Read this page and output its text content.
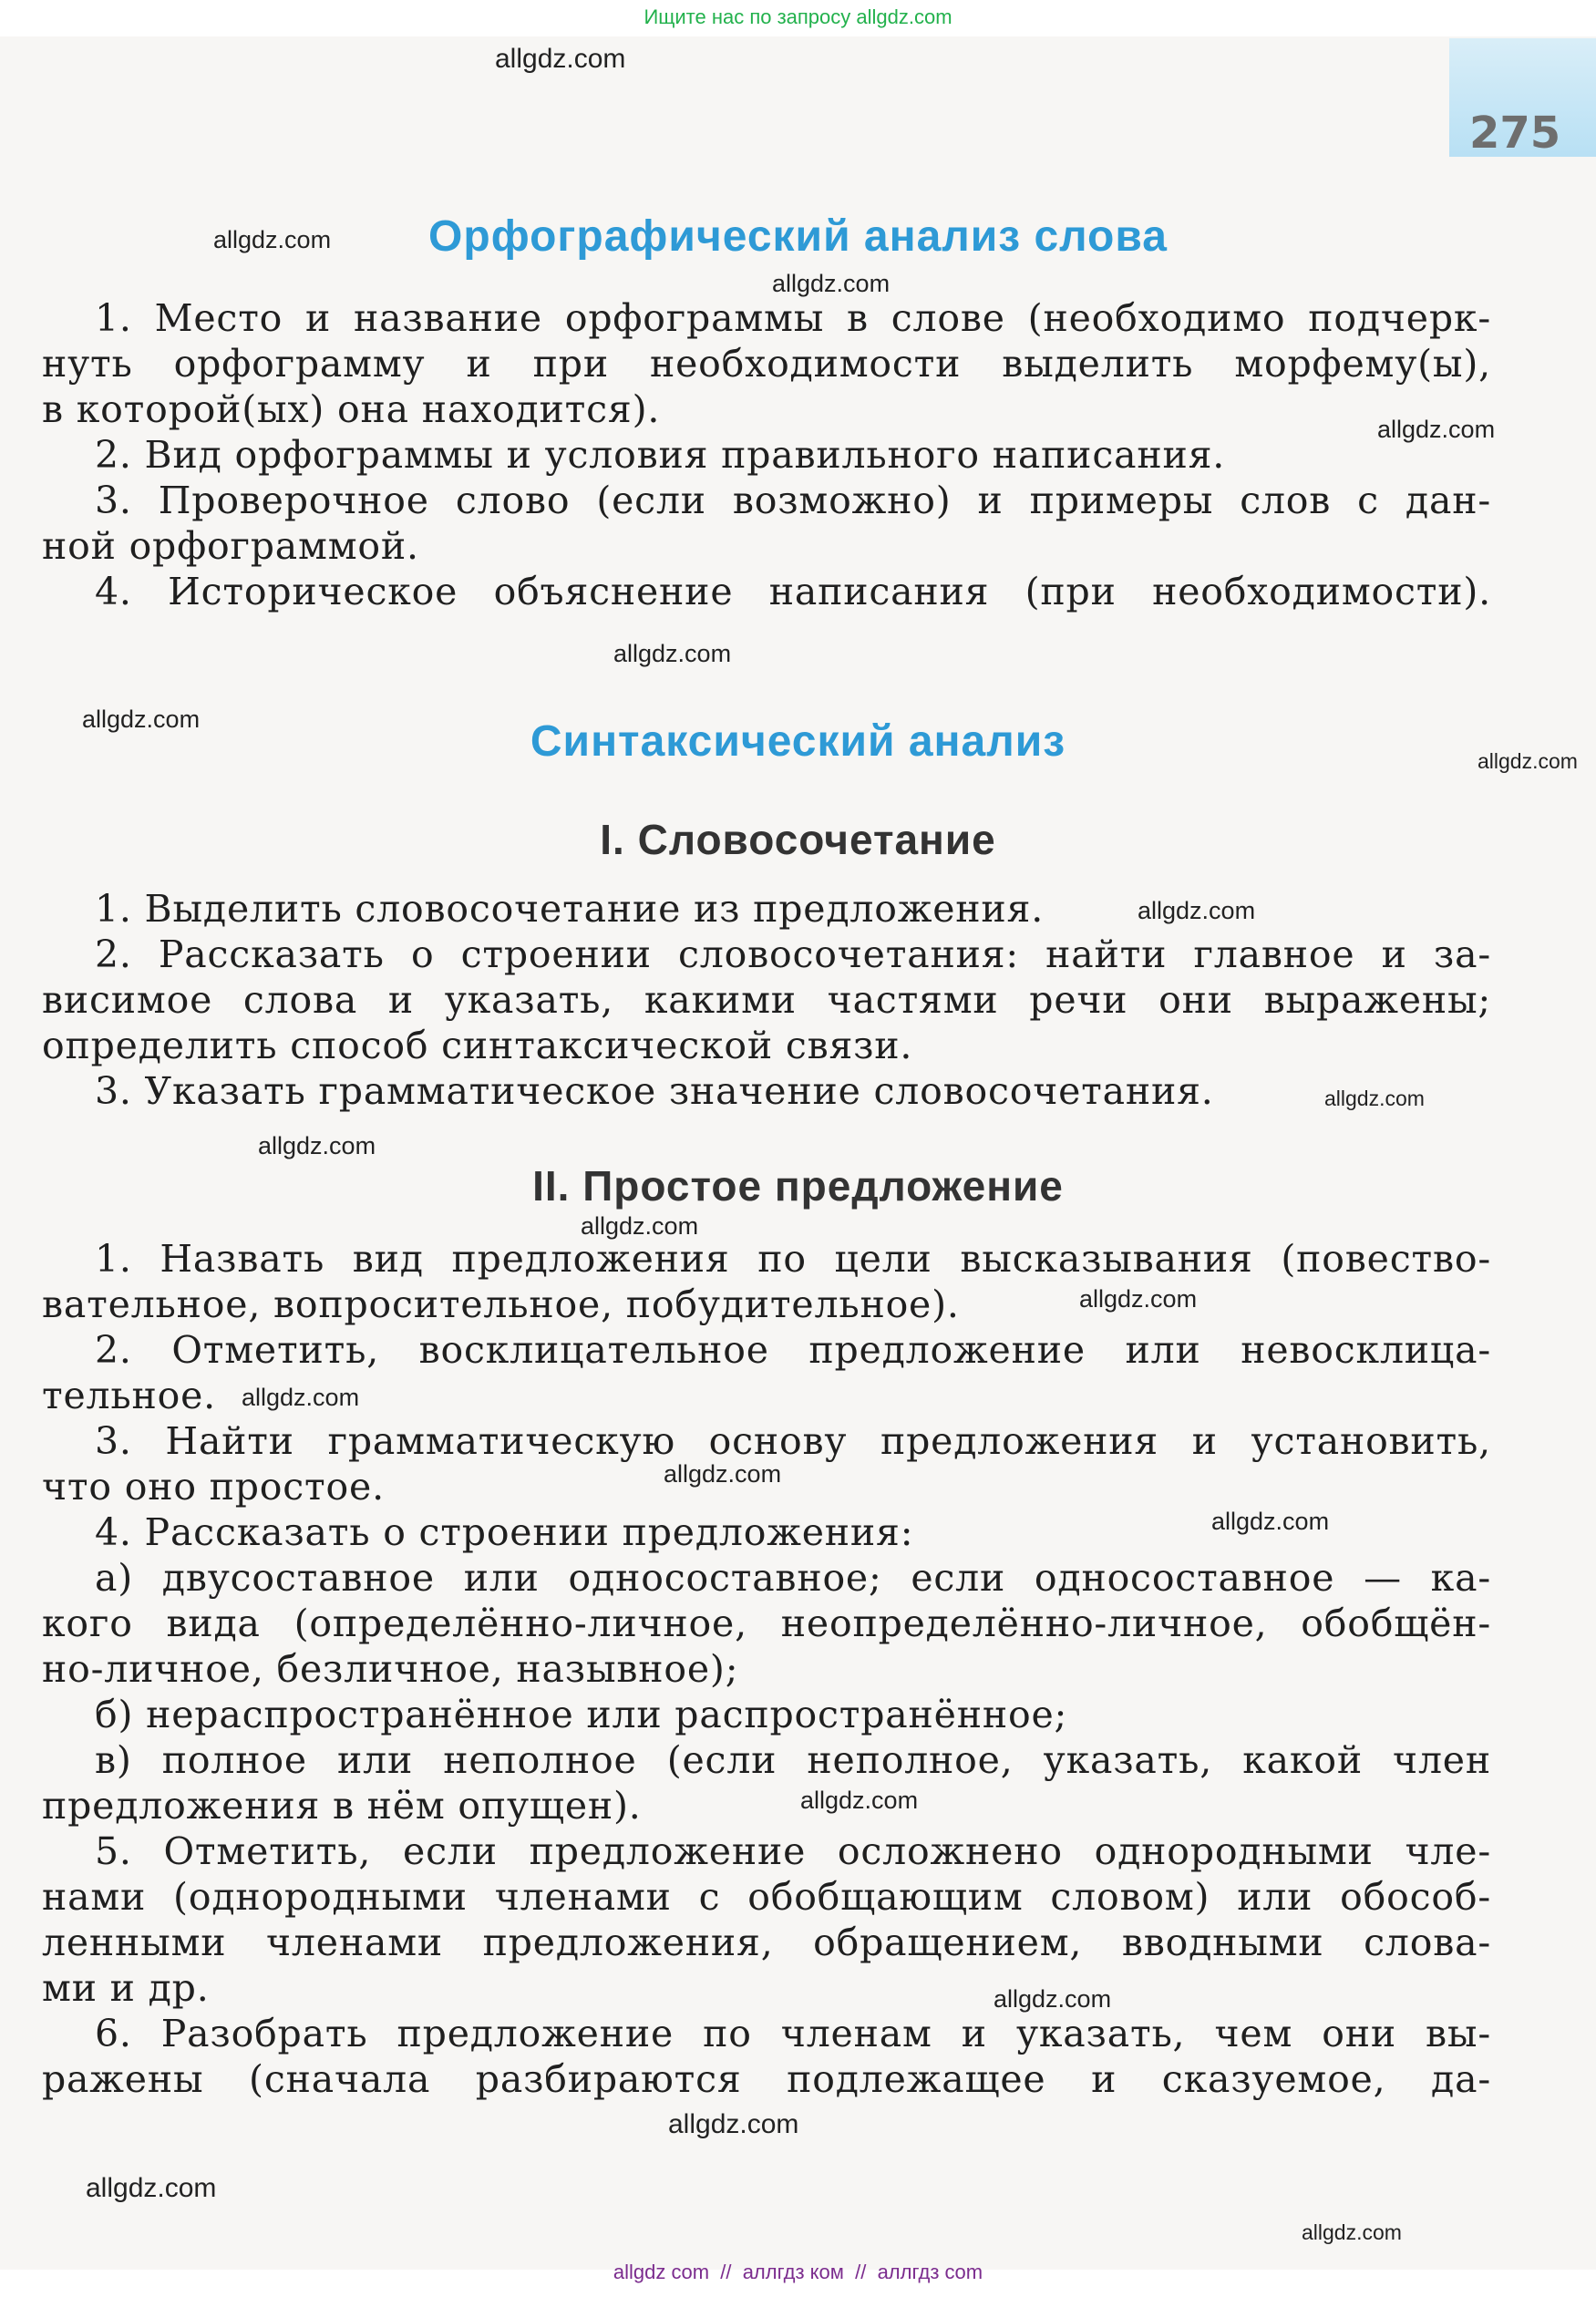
Ищите нас по запросу allgdz.com
275
Орфографический анализ слова
1. Место и название орфограммы в слове (необходимо подчерк-
нуть орфограмму и при необходимости выделить морфему(ы),
в которой(ых) она находится).
2. Вид орфограммы и условия правильного написания.
3. Проверочное слово (если возможно) и примеры слов с дан-
ной орфограммой.
4. Историческое объяснение написания (при необходимости).
Синтаксический анализ
I. Словосочетание
1. Выделить словосочетание из предложения.
2. Рассказать о строении словосочетания: найти главное и за-
висимое слова и указать, какими частями речи они выражены;
определить способ синтаксической связи.
3. Указать грамматическое значение словосочетания.
II. Простое предложение
1. Назвать вид предложения по цели высказывания (повество-
вательное, вопросительное, побудительное).
2. Отметить, восклицательное предложение или невосклица-
тельное.
3. Найти грамматическую основу предложения и установить,
что оно простое.
4. Рассказать о строении предложения:
а) двусоставное или односоставное; если односоставное — ка-
кого вида (определённо-личное, неопределённо-личное, обобщён-
но-личное, безличное, назывное);
б) нераспространённое или распространённое;
в) полное или неполное (если неполное, указать, какой член
предложения в нём опущен).
5. Отметить, если предложение осложнено однородными чле-
нами (однородными членами с обобщающим словом) или обособ-
ленными членами предложения, обращением, вводными слова-
ми и др.
6. Разобрать предложение по членам и указать, чем они вы-
ражены (сначала разбираются подлежащее и сказуемое, да-
allgdz.com
allgdz.com
allgdz.com
allgdz.com
allgdz.com
allgdz.com
allgdz.com
allgdz.com
allgdz.com
allgdz.com
allgdz.com
allgdz.com
allgdz.com
allgdz.com
allgdz.com
allgdz.com
allgdz.com
allgdz.com
allgdz.com
allgdz.com
allgdz com  //  аллгдз ком  //  аллгдз com
